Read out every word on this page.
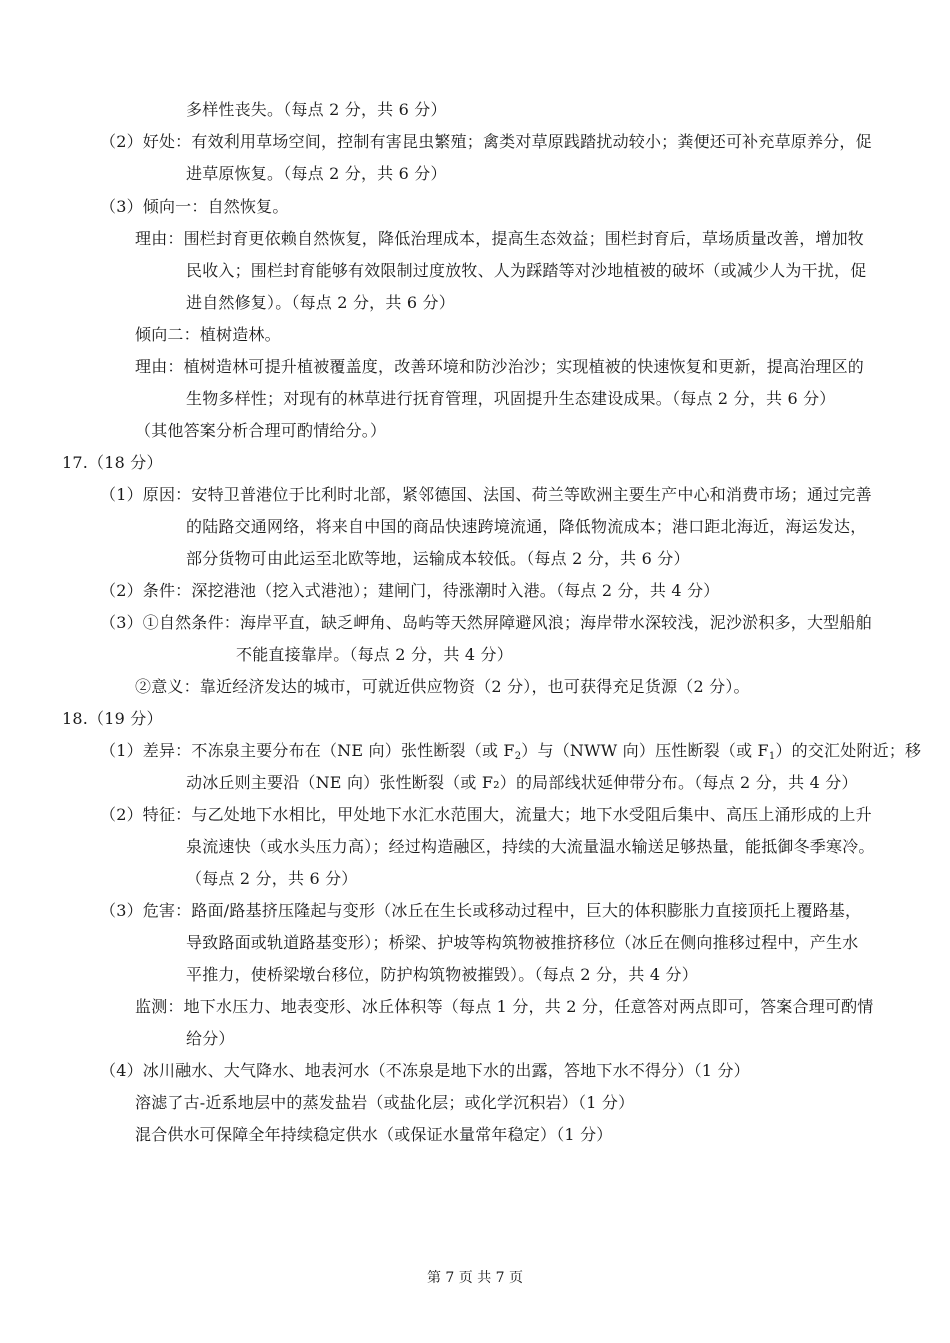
多样性丧失。（每点 2 分，共 6 分）
（2）好处：有效利用草场空间，控制有害昆虫繁殖；禽类对草原践踏扰动较小；粪便还可补充草原养分，促
进草原恢复。（每点 2 分，共 6 分）
（3）倾向一：自然恢复。
理由：围栏封育更依赖自然恢复，降低治理成本，提高生态效益；围栏封育后，草场质量改善，增加牧
民收入；围栏封育能够有效限制过度放牧、人为踩踏等对沙地植被的破坏（或减少人为干扰，促
进自然修复）。（每点 2 分，共 6 分）
倾向二：植树造林。
理由：植树造林可提升植被覆盖度，改善环境和防沙治沙；实现植被的快速恢复和更新，提高治理区的
生物多样性；对现有的林草进行抚育管理，巩固提升生态建设成果。（每点 2 分，共 6 分）
（其他答案分析合理可酌情给分。）
17.（18 分）
（1）原因：安特卫普港位于比利时北部，紧邻德国、法国、荷兰等欧洲主要生产中心和消费市场；通过完善
的陆路交通网络，将来自中国的商品快速跨境流通，降低物流成本；港口距北海近，海运发达，
部分货物可由此运至北欧等地，运输成本较低。（每点 2 分，共 6 分）
（2）条件：深挖港池（挖入式港池）；建闸门，待涨潮时入港。（每点 2 分，共 4 分）
（3）①自然条件：海岸平直，缺乏岬角、岛屿等天然屏障避风浪；海岸带水深较浅，泥沙淤积多，大型船舶
不能直接靠岸。（每点 2 分，共 4 分）
②意义：靠近经济发达的城市，可就近供应物资（2 分），也可获得充足货源（2 分）。
18.（19 分）
（1）差异：不冻泉主要分布在（NE 向）张性断裂（或 $F_2$）与（NWW 向）压性断裂（或 $F_1$）的交汇处附近；移
动冰丘则主要沿（NE 向）张性断裂（或 F₂）的局部线状延伸带分布。（每点 2 分，共 4 分）
（2）特征：与乙处地下水相比，甲处地下水汇水范围大，流量大；地下水受阻后集中、高压上涌形成的上升
泉流速快（或水头压力高）；经过构造融区，持续的大流量温水输送足够热量，能抵御冬季寒冷。
（每点 2 分，共 6 分）
（3）危害：路面/路基挤压隆起与变形（冰丘在生长或移动过程中，巨大的体积膨胀力直接顶托上覆路基，
导致路面或轨道路基变形）；桥梁、护坡等构筑物被推挤移位（冰丘在侧向推移过程中，产生水
平推力，使桥梁墩台移位，防护构筑物被摧毁）。（每点 2 分，共 4 分）
监测：地下水压力、地表变形、冰丘体积等（每点 1 分，共 2 分，任意答对两点即可，答案合理可酌情
给分）
（4）冰川融水、大气降水、地表河水（不冻泉是地下水的出露，答地下水不得分）（1 分）
溶滤了古-近系地层中的蒸发盐岩（或盐化层；或化学沉积岩）（1 分）
混合供水可保障全年持续稳定供水（或保证水量常年稳定）（1 分）
第 7 页 共 7 页
